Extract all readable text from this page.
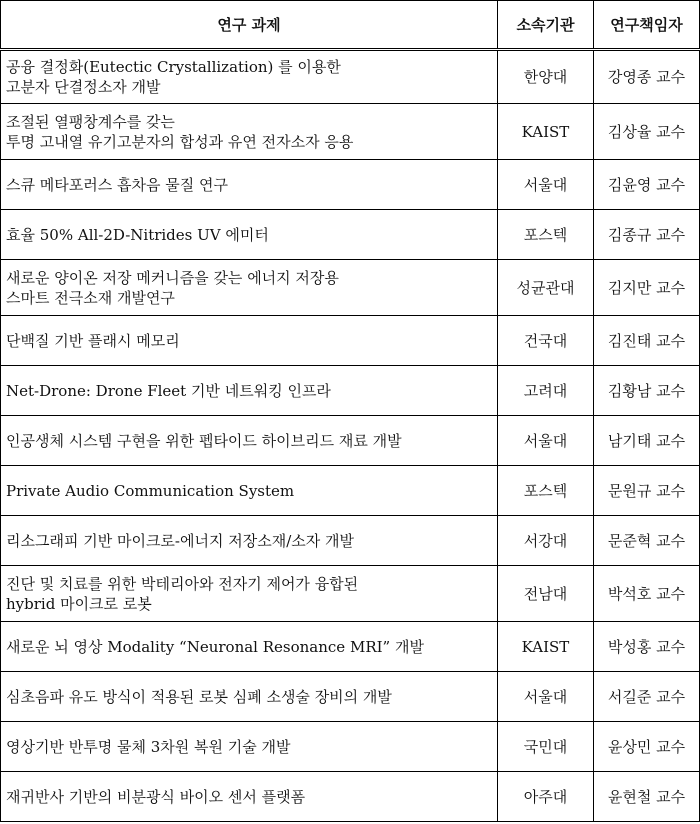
연구 과제	소속기관	연구책임자
공융 결정화(Eutectic Crystallization) 를 이용한
고분자 단결정소자 개발	한양대	강영종 교수
조절된 열팽창계수를 갖는
투명 고내열 유기고분자의 합성과 유연 전자소자 응용	KAIST	김상율 교수
스큐 메타포러스 흡차음 물질 연구	서울대	김윤영 교수
효율 50% All-2D-Nitrides UV 에미터	포스텍	김종규 교수
새로운 양이온 저장 메커니즘을 갖는 에너지 저장용
스마트 전극소재 개발연구	성균관대	김지만 교수
단백질 기반 플래시 메모리	건국대	김진태 교수
Net-Drone: Drone Fleet 기반 네트워킹 인프라	고려대	김황남 교수
인공생체 시스템 구현을 위한 펩타이드 하이브리드 재료 개발	서울대	남기태 교수
Private Audio Communication System	포스텍	문원규 교수
리소그래피 기반 마이크로-에너지 저장소재/소자 개발	서강대	문준혁 교수
진단 및 치료를 위한 박테리아와 전자기 제어가 융합된
hybrid 마이크로 로봇	전남대	박석호 교수
새로운 뇌 영상 Modality “Neuronal Resonance MRI” 개발	KAIST	박성홍 교수
심초음파 유도 방식이 적용된 로봇 심폐 소생술 장비의 개발	서울대	서길준 교수
영상기반 반투명 물체 3차원 복원 기술 개발	국민대	윤상민 교수
재귀반사 기반의 비분광식 바이오 센서 플랫폼	아주대	윤현철 교수
